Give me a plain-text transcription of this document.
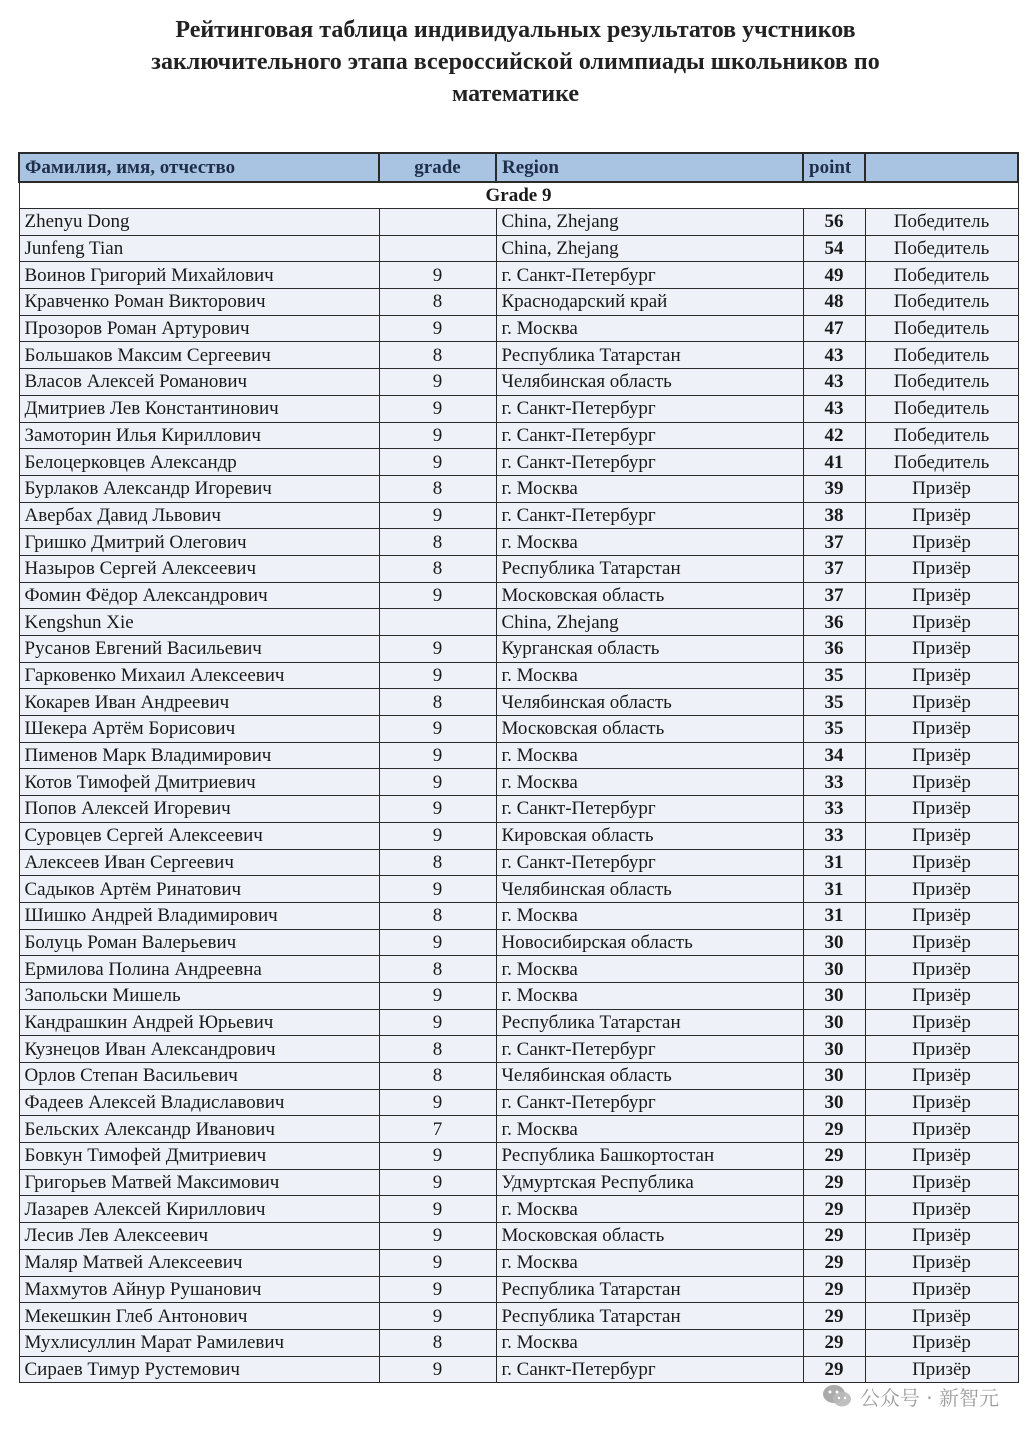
Рейтинговая таблица индивидуальных результатов учстников
заключительного этапа всероссийской олимпиады школьников по
математике
Фамилия, имя, отчество	grade	Region	point	
Grade 9				
Zhenyu Dong		China, Zhejang	56	Победитель
Junfeng Tian		China, Zhejang	54	Победитель
Воинов Григорий Михайлович	9	г. Санкт-Петербург	49	Победитель
Кравченко Роман Викторович	8	Краснодарский край	48	Победитель
Прозоров Роман Артурович	9	г. Москва	47	Победитель
Большаков Максим Сергеевич	8	Республика Татарстан	43	Победитель
Власов Алексей Романович	9	Челябинская область	43	Победитель
Дмитриев Лев Константинович	9	г. Санкт-Петербург	43	Победитель
Замоторин Илья Кириллович	9	г. Санкт-Петербург	42	Победитель
Белоцерковцев Александр	9	г. Санкт-Петербург	41	Победитель
Бурлаков Александр Игоревич	8	г. Москва	39	Призёр
Авербах Давид Львович	9	г. Санкт-Петербург	38	Призёр
Гришко Дмитрий Олегович	8	г. Москва	37	Призёр
Назыров Сергей Алексеевич	8	Республика Татарстан	37	Призёр
Фомин Фёдор Александрович	9	Московская область	37	Призёр
Kengshun Xie		China, Zhejang	36	Призёр
Русанов Евгений Васильевич	9	Курганская область	36	Призёр
Гарковенко Михаил Алексеевич	9	г. Москва	35	Призёр
Кокарев Иван Андреевич	8	Челябинская область	35	Призёр
Шекера Артём Борисович	9	Московская область	35	Призёр
Пименов Марк Владимирович	9	г. Москва	34	Призёр
Котов Тимофей Дмитриевич	9	г. Москва	33	Призёр
Попов Алексей Игоревич	9	г. Санкт-Петербург	33	Призёр
Суровцев Сергей Алексеевич	9	Кировская область	33	Призёр
Алексеев Иван Сергеевич	8	г. Санкт-Петербург	31	Призёр
Садыков Артём Ринатович	9	Челябинская область	31	Призёр
Шишко Андрей Владимирович	8	г. Москва	31	Призёр
Болуць Роман Валерьевич	9	Новосибирская область	30	Призёр
Ермилова Полина Андреевна	8	г. Москва	30	Призёр
Запольски Мишель	9	г. Москва	30	Призёр
Кандрашкин Андрей Юрьевич	9	Республика Татарстан	30	Призёр
Кузнецов Иван Александрович	8	г. Санкт-Петербург	30	Призёр
Орлов Степан Васильевич	8	Челябинская область	30	Призёр
Фадеев Алексей Владиславович	9	г. Санкт-Петербург	30	Призёр
Бельских Александр Иванович	7	г. Москва	29	Призёр
Бовкун Тимофей Дмитриевич	9	Республика Башкортостан	29	Призёр
Григорьев Матвей Максимович	9	Удмуртская Республика	29	Призёр
Лазарев Алексей Кириллович	9	г. Москва	29	Призёр
Лесив Лев Алексеевич	9	Московская область	29	Призёр
Маляр Матвей Алексеевич	9	г. Москва	29	Призёр
Махмутов Айнур Рушанович	9	Республика Татарстан	29	Призёр
Мекешкин Глеб Антонович	9	Республика Татарстан	29	Призёр
Мухлисуллин Марат Рамилевич	8	г. Москва	29	Призёр
Сираев Тимур Рустемович	9	г. Санкт-Петербург	29	Призёр
公众号 · 新智元
